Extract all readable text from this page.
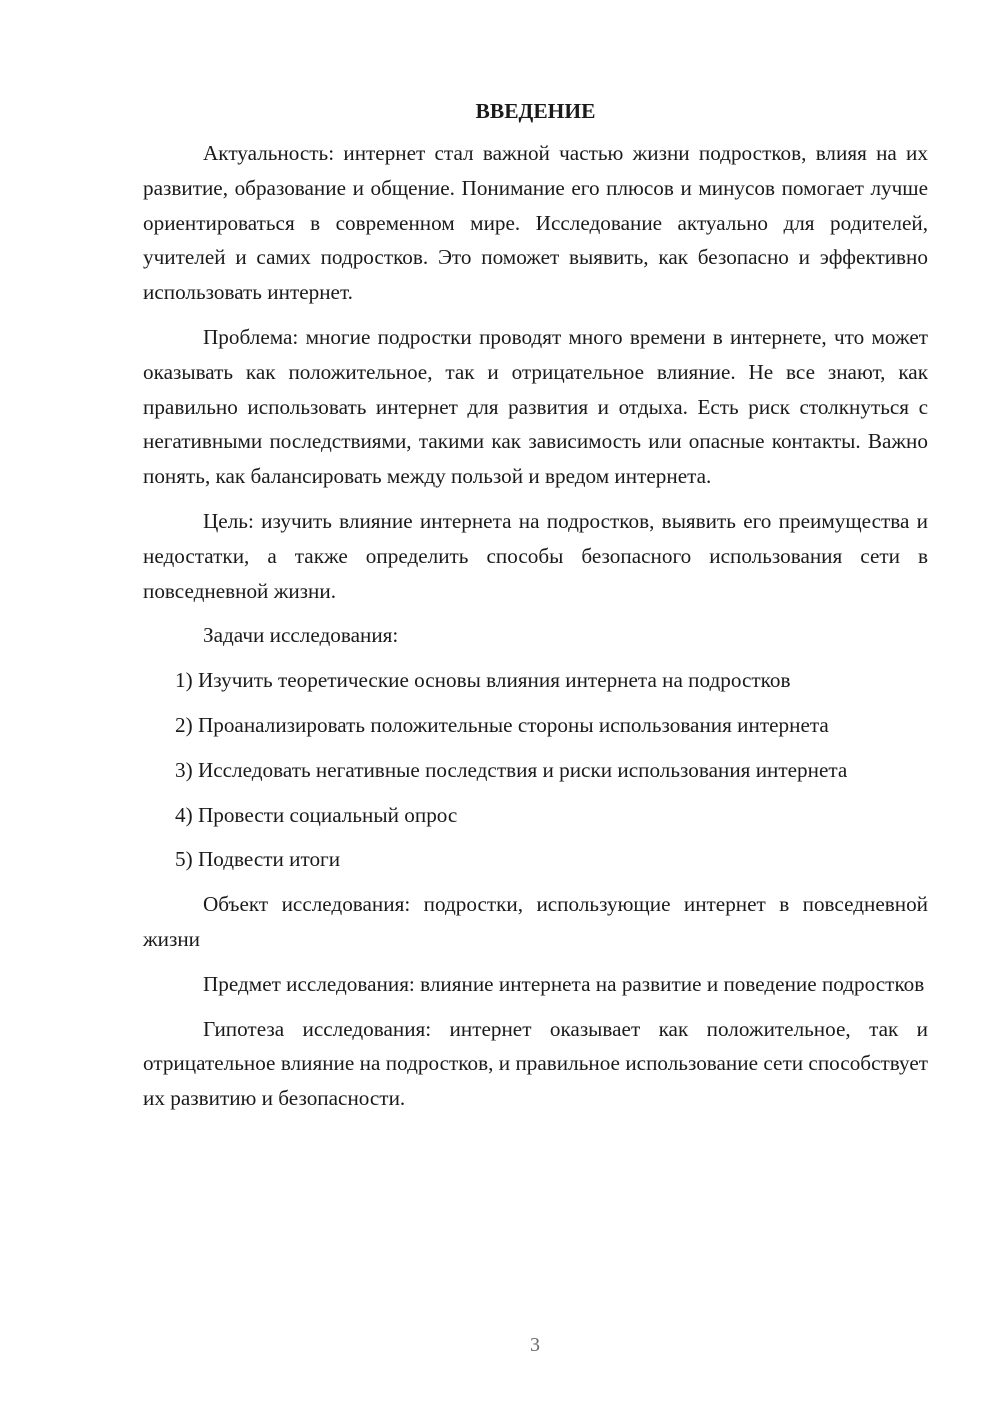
ВВЕДЕНИЕ
Актуальность: интернет стал важной частью жизни подростков, влияя на их развитие, образование и общение. Понимание его плюсов и минусов помогает лучше ориентироваться в современном мире. Исследование актуально для родителей, учителей и самих подростков. Это поможет выявить, как безопасно и эффективно использовать интернет.
Проблема: многие подростки проводят много времени в интернете, что может оказывать как положительное, так и отрицательное влияние. Не все знают, как правильно использовать интернет для развития и отдыха. Есть риск столкнуться с негативными последствиями, такими как зависимость или опасные контакты. Важно понять, как балансировать между пользой и вредом интернета.
Цель: изучить влияние интернета на подростков, выявить его преимущества и недостатки, а также определить способы безопасного использования сети в повседневной жизни.
Задачи исследования:
1) Изучить теоретические основы влияния интернета на подростков
2) Проанализировать положительные стороны использования интернета
3) Исследовать негативные последствия и риски использования интернета
4) Провести социальный опрос
5) Подвести итоги
Объект исследования: подростки, использующие интернет в повседневной жизни
Предмет исследования: влияние интернета на развитие и поведение подростков
Гипотеза исследования: интернет оказывает как положительное, так и отрицательное влияние на подростков, и правильное использование сети способствует их развитию и безопасности.
3
